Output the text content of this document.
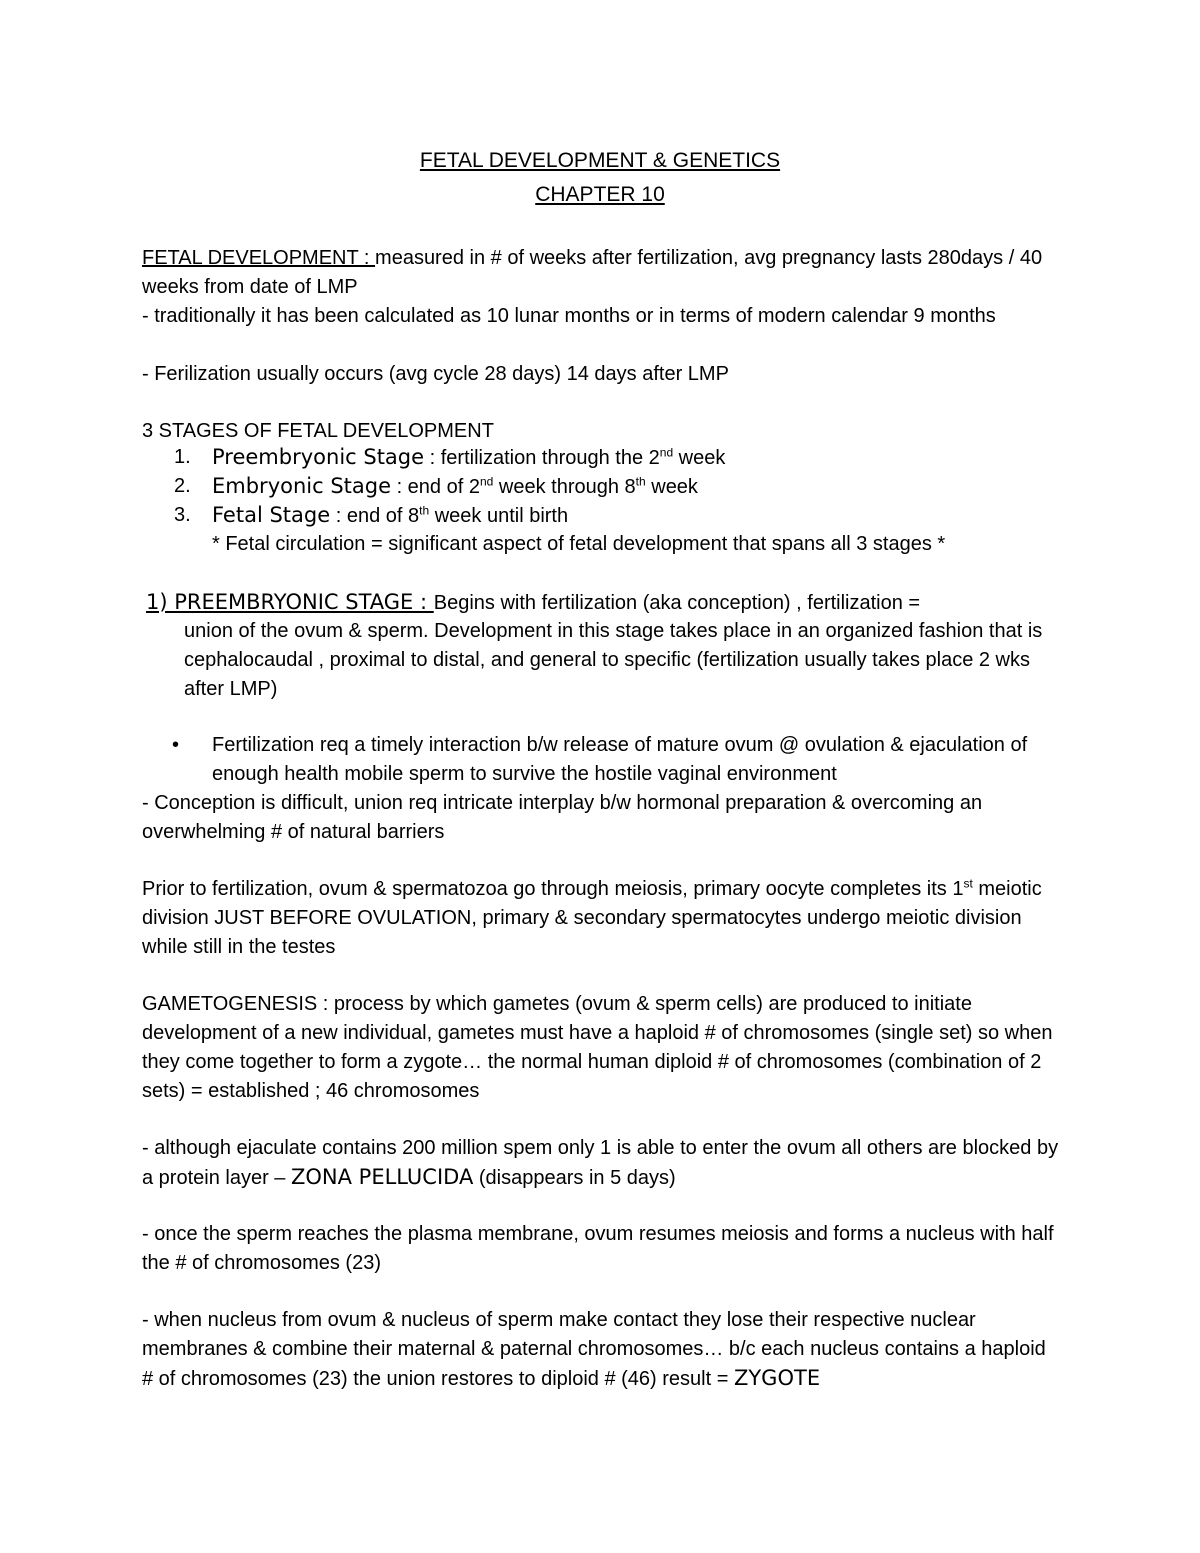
FETAL DEVELOPMENT & GENETICS
CHAPTER 10
FETAL DEVELOPMENT : measured in # of weeks after fertilization, avg pregnancy lasts 280days / 40 weeks from date of LMP
- traditionally it has been calculated as 10 lunar months or in terms of modern calendar 9 months
- Ferilization usually occurs (avg cycle 28 days) 14 days after LMP
3 STAGES OF FETAL DEVELOPMENT
1. Preembryonic Stage : fertilization through the 2nd week
2. Embryonic Stage : end of 2nd week through 8th week
3. Fetal Stage : end of 8th week until birth
* Fetal circulation = significant aspect of fetal development that spans all 3 stages *
1) PREEMBRYONIC STAGE : Begins with fertilization (aka conception) , fertilization =
union of the ovum & sperm. Development in this stage takes place in an organized fashion that is cephalocaudal , proximal to distal, and general to specific (fertilization usually takes place 2 wks after LMP)
• Fertilization req a timely interaction b/w release of mature ovum @ ovulation & ejaculation of enough health mobile sperm to survive the hostile vaginal environment
- Conception is difficult, union req intricate interplay b/w hormonal preparation & overcoming an overwhelming # of natural barriers
Prior to fertilization, ovum & spermatozoa go through meiosis, primary oocyte completes its 1st meiotic division JUST BEFORE OVULATION, primary & secondary spermatocytes undergo meiotic division while still in the testes
GAMETOGENESIS : process by which gametes (ovum & sperm cells) are produced to initiate development of a new individual, gametes must have a haploid # of chromosomes (single set) so when they come together to form a zygote… the normal human diploid # of chromosomes (combination of 2 sets) = established ; 46 chromosomes
- although ejaculate contains 200 million spem only 1 is able to enter the ovum all others are blocked by a protein layer – ZONA PELLUCIDA (disappears in 5 days)
- once the sperm reaches the plasma membrane, ovum resumes meiosis and forms a nucleus with half the # of chromosomes (23)
- when nucleus from ovum & nucleus of sperm make contact they lose their respective nuclear membranes & combine their maternal & paternal chromosomes… b/c each nucleus contains a haploid # of chromosomes (23) the union restores to diploid # (46) result = ZYGOTE
